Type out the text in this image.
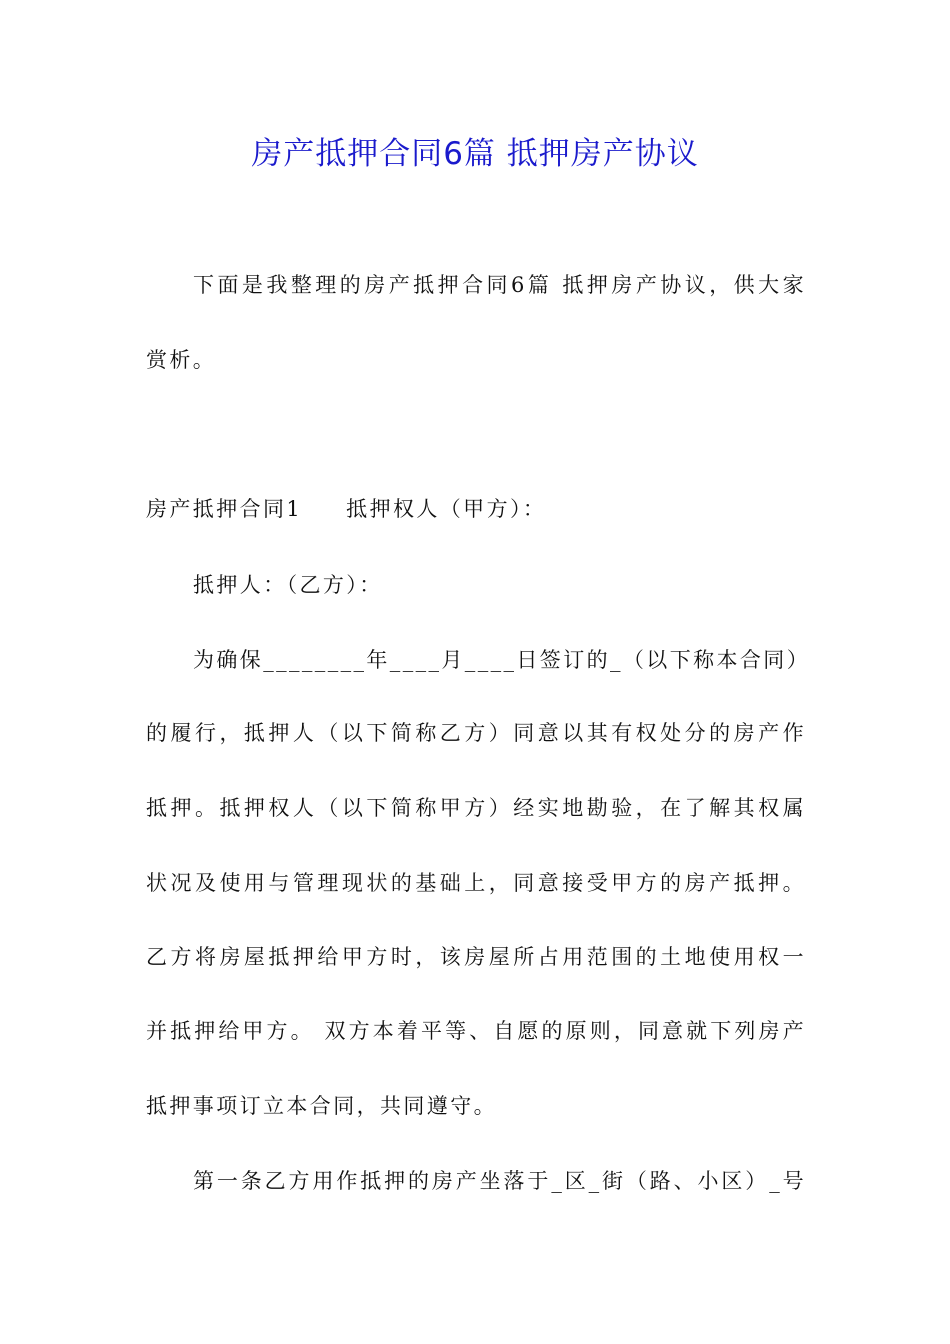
房产抵押合同6篇 抵押房产协议
下面是我整理的房产抵押合同6篇 抵押房产协议，供大家
赏析。
房产抵押合同1 抵押权人（甲方）：
抵押人：（乙方）：
为确保________年____月____日签订的_（以下称本合同）
的履行，抵押人（以下简称乙方）同意以其有权处分的房产作
抵押。抵押权人（以下简称甲方）经实地勘验，在了解其权属
状况及使用与管理现状的基础上，同意接受甲方的房产抵押。
乙方将房屋抵押给甲方时，该房屋所占用范围的土地使用权一
并抵押给甲方。 双方本着平等、自愿的原则，同意就下列房产
抵押事项订立本合同，共同遵守。
第一条乙方用作抵押的房产坐落于_区_街（路、小区）_号
